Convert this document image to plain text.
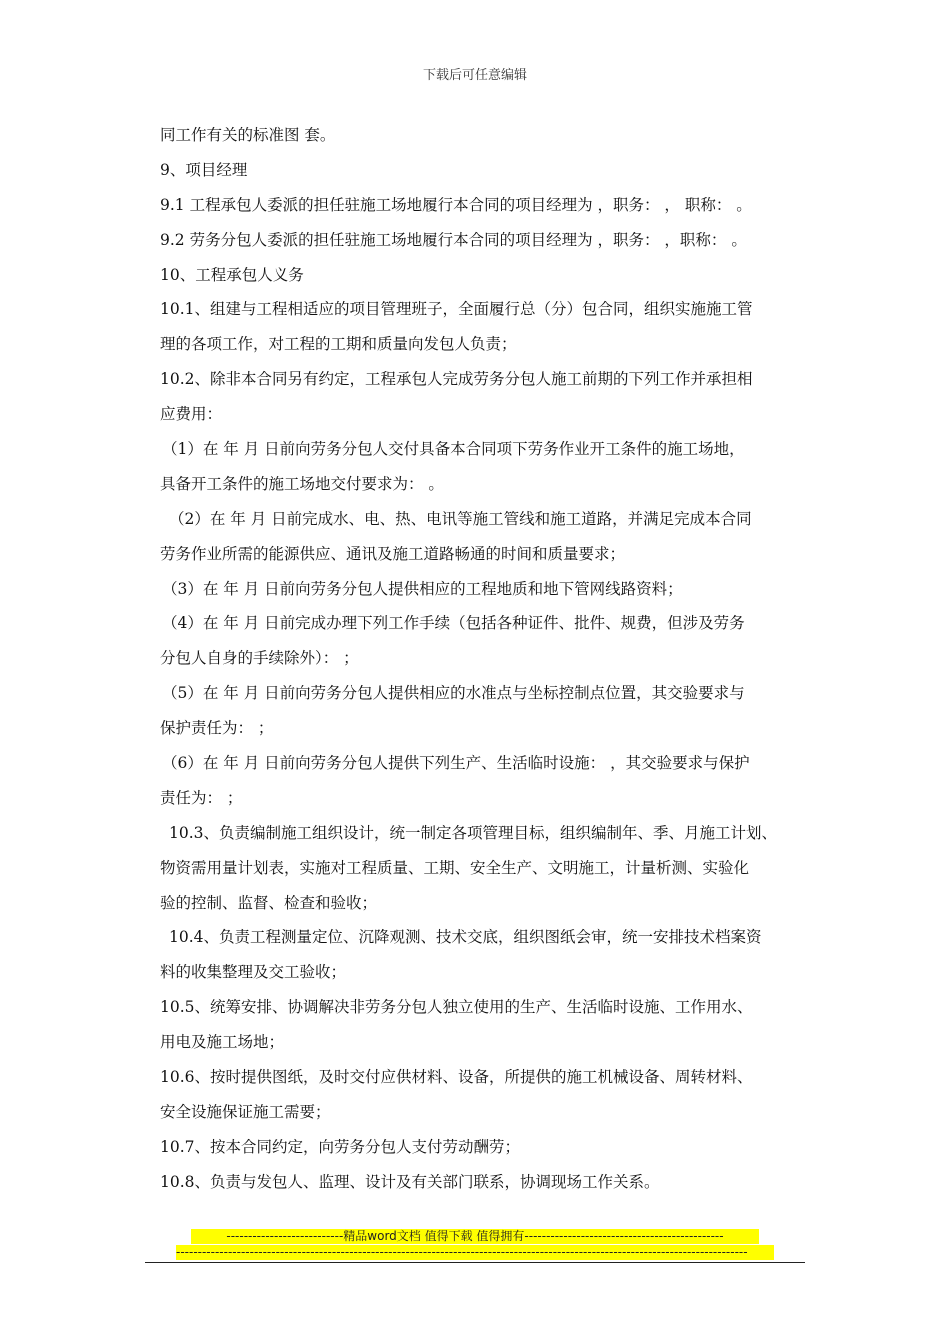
下载后可任意编辑
同工作有关的标准图 套。
9、项目经理
9.1 工程承包人委派的担任驻施工场地履行本合同的项目经理为 ，职务： ， 职称： 。
9.2 劳务分包人委派的担任驻施工场地履行本合同的项目经理为 ，职务： ，职称： 。
10、工程承包人义务
10.1、组建与工程相适应的项目管理班子，全面履行总（分）包合同，组织实施施工管
理的各项工作，对工程的工期和质量向发包人负责；
10.2、除非本合同另有约定，工程承包人完成劳务分包人施工前期的下列工作并承担相
应费用：
（1）在 年 月 日前向劳务分包人交付具备本合同项下劳务作业开工条件的施工场地，
具备开工条件的施工场地交付要求为： 。
（2）在 年 月 日前完成水、电、热、电讯等施工管线和施工道路，并满足完成本合同
劳务作业所需的能源供应、通讯及施工道路畅通的时间和质量要求；
（3）在 年 月 日前向劳务分包人提供相应的工程地质和地下管网线路资料；
（4）在 年 月 日前完成办理下列工作手续（包括各种证件、批件、规费，但涉及劳务
分包人自身的手续除外）： ；
（5）在 年 月 日前向劳务分包人提供相应的水准点与坐标控制点位置，其交验要求与
保护责任为： ；
（6）在 年 月 日前向劳务分包人提供下列生产、生活临时设施： ，其交验要求与保护
责任为： ；
10.3、负责编制施工组织设计，统一制定各项管理目标，组织编制年、季、月施工计划、
物资需用量计划表，实施对工程质量、工期、安全生产、文明施工，计量析测、实验化
验的控制、监督、检查和验收；
10.4、负责工程测量定位、沉降观测、技术交底，组织图纸会审，统一安排技术档案资
料的收集整理及交工验收；
10.5、统筹安排、协调解决非劳务分包人独立使用的生产、生活临时设施、工作用水、
用电及施工场地；
10.6、按时提供图纸，及时交付应供材料、设备，所提供的施工机械设备、周转材料、
安全设施保证施工需要；
10.7、按本合同约定，向劳务分包人支付劳动酬劳；
10.8、负责与发包人、监理、设计及有关部门联系，协调现场工作关系。
---------------------------精品word文档 值得下载 值得拥有----------------------------------------------
------------------------------------------------------------------------------------------------------------------------------------
